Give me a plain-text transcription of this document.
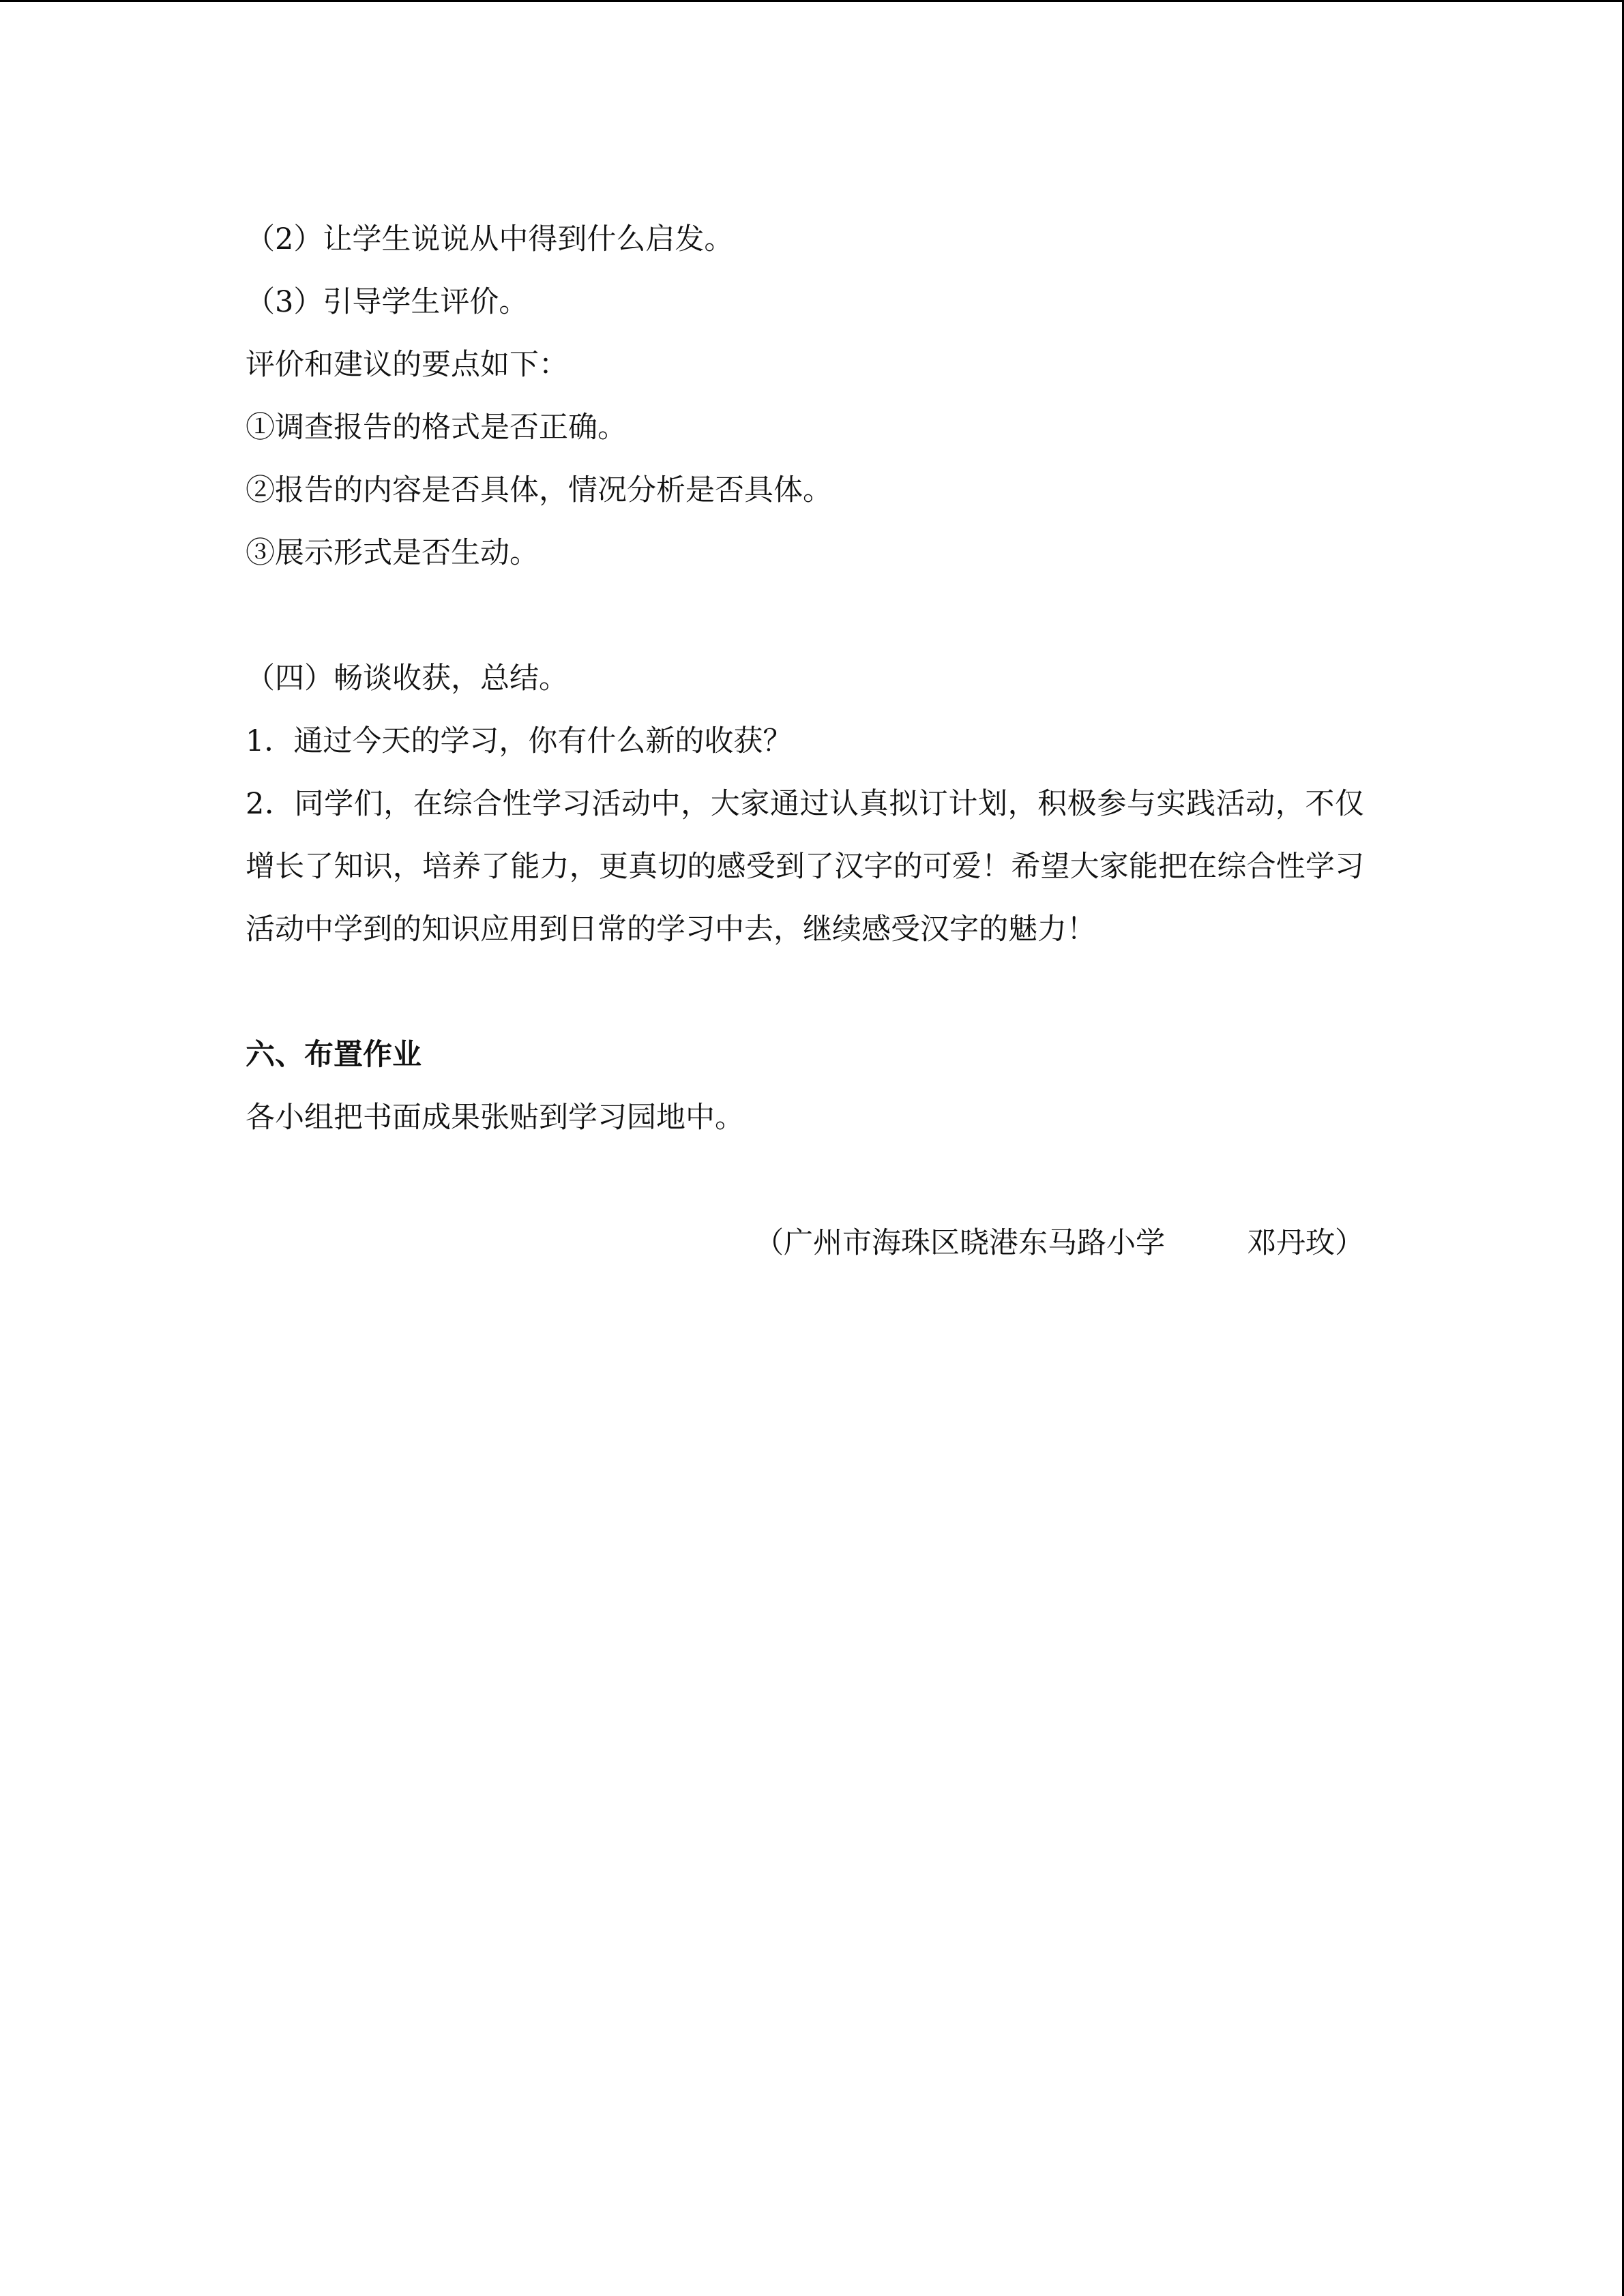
（2）让学生说说从中得到什么启发。
（3）引导学生评价。
评价和建议的要点如下：
①调查报告的格式是否正确。
②报告的内容是否具体，情况分析是否具体。
③展示形式是否生动。
（四）畅谈收获，总结。
1．通过今天的学习，你有什么新的收获？
2．同学们，在综合性学习活动中，大家通过认真拟订计划，积极参与实践活动，不仅增长了知识，培养了能力，更真切的感受到了汉字的可爱！希望大家能把在综合性学习活动中学到的知识应用到日常的学习中去，继续感受汉字的魅力！
六、布置作业
各小组把书面成果张贴到学习园地中。
（广州市海珠区晓港东马路小学	邓丹玫）
